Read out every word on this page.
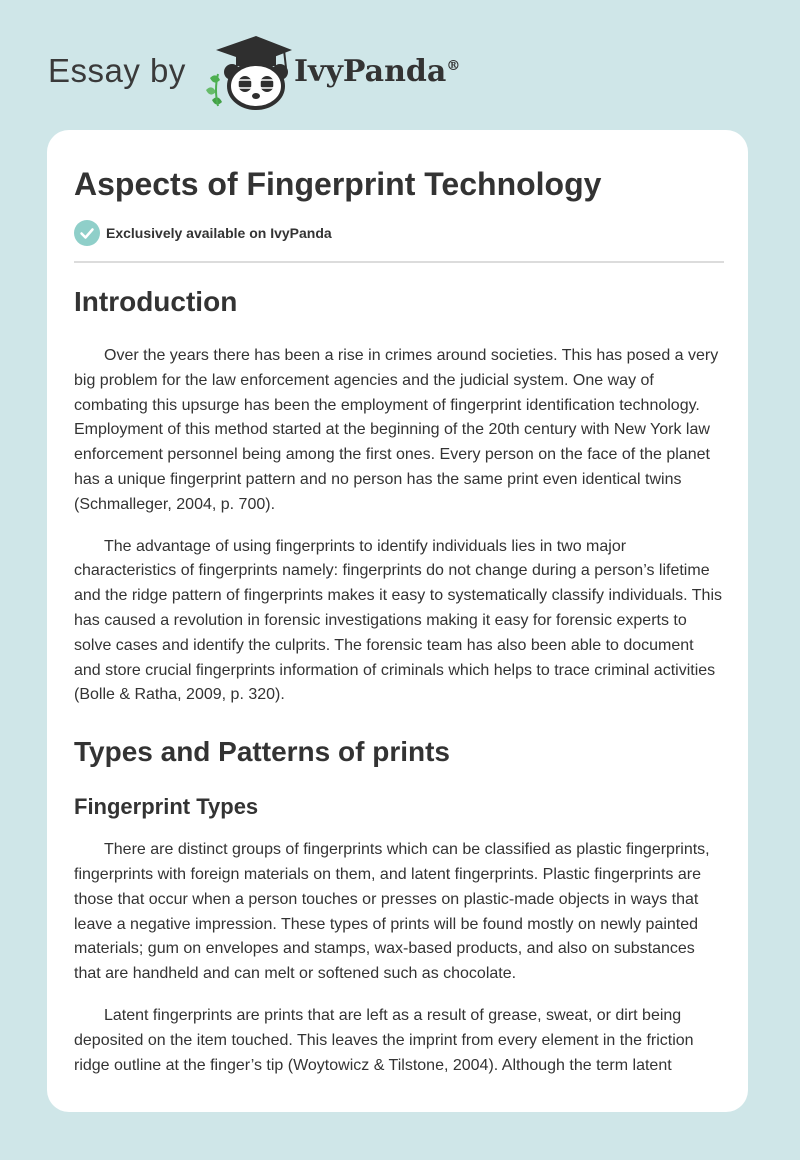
Essay by	IvyPanda®
Aspects of Fingerprint Technology
Exclusively available on IvyPanda
Introduction

Over the years there has been a rise in crimes around societies. This has posed a very big problem for the law enforcement agencies and the judicial system. One way of combating this upsurge has been the employment of fingerprint identification technology. Employment of this method started at the beginning of the 20th century with New York law enforcement personnel being among the first ones. Every person on the face of the planet has a unique fingerprint pattern and no person has the same print even identical twins (Schmalleger, 2004, p. 700).

The advantage of using fingerprints to identify individuals lies in two major characteristics of fingerprints namely: fingerprints do not change during a person’s lifetime and the ridge pattern of fingerprints makes it easy to systematically classify individuals. This has caused a revolution in forensic investigations making it easy for forensic experts to solve cases and identify the culprits. The forensic team has also been able to document and store crucial fingerprints information of criminals which helps to trace criminal activities (Bolle & Ratha, 2009, p. 320).

Types and Patterns of prints
Fingerprint Types

There are distinct groups of fingerprints which can be classified as plastic fingerprints, fingerprints with foreign materials on them, and latent fingerprints. Plastic fingerprints are those that occur when a person touches or presses on plastic-made objects in ways that leave a negative impression. These types of prints will be found mostly on newly painted materials; gum on envelopes and stamps, wax-based products, and also on substances that are handheld and can melt or softened such as chocolate.

Latent fingerprints are prints that are left as a result of grease, sweat, or dirt being deposited on the item touched. This leaves the imprint from every element in the friction ridge outline at the finger’s tip (Woytowicz & Tilstone, 2004). Although the term latent
